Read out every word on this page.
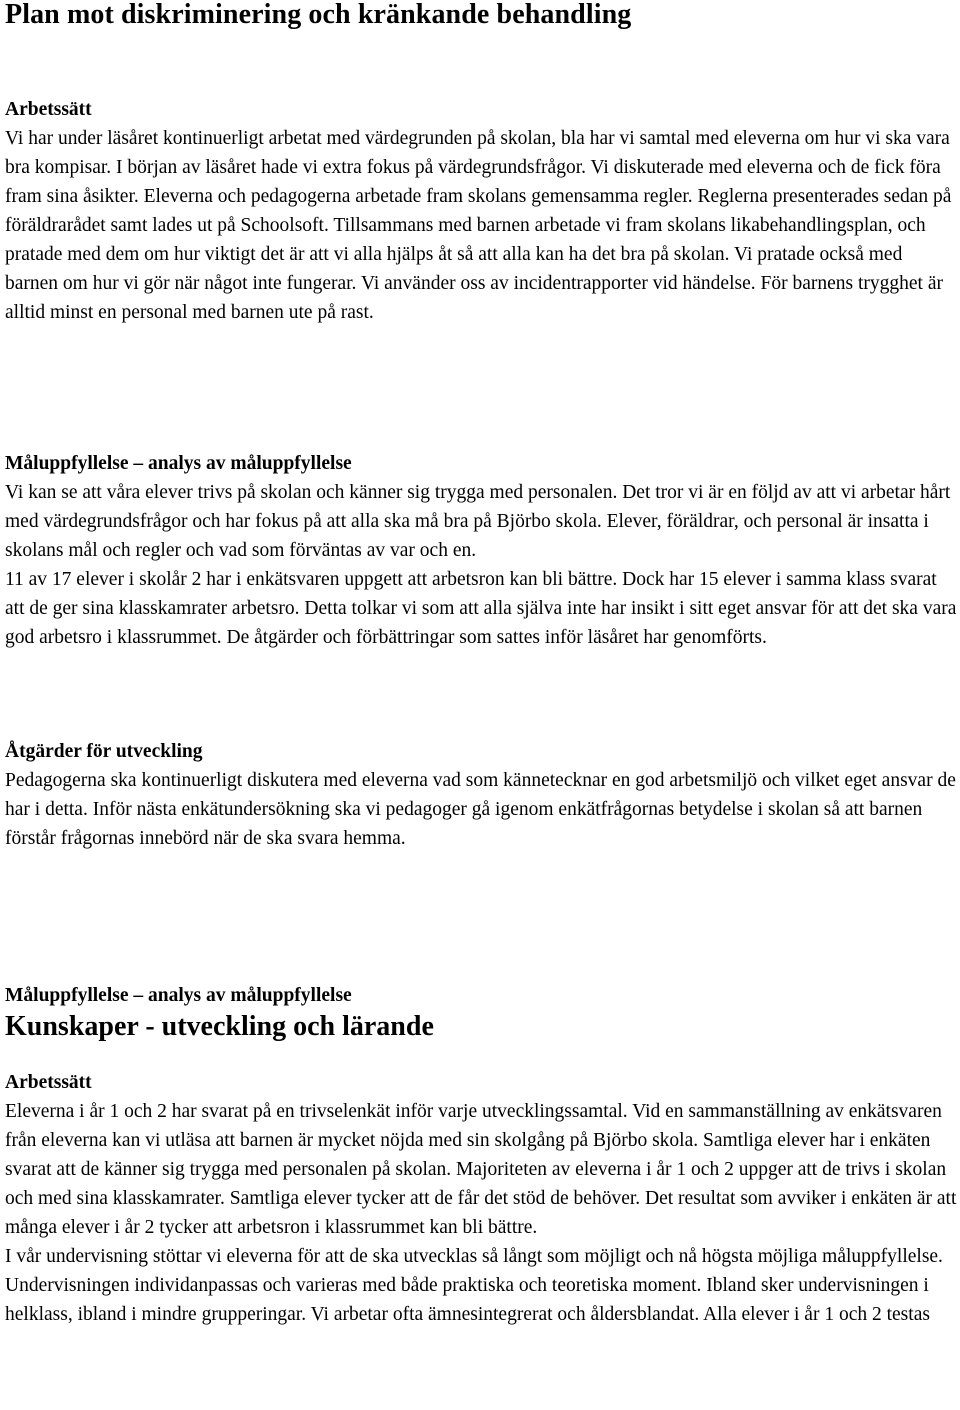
Plan mot diskriminering och kränkande behandling

Arbetssätt

Vi har under läsåret kontinuerligt arbetat med värdegrunden på skolan, bla har vi samtal med eleverna om hur vi ska vara bra kompisar. I början av läsåret hade vi extra fokus på värdegrundsfrågor. Vi diskuterade med eleverna och de fick föra fram sina åsikter. Eleverna och pedagogerna arbetade fram skolans gemensamma regler. Reglerna presenterades sedan på föräldrarådet samt lades ut på Schoolsoft. Tillsammans med barnen arbetade vi fram skolans likabehandlingsplan, och pratade med dem om hur viktigt det är att vi alla hjälps åt så att alla kan ha det bra på skolan. Vi pratade också med barnen om hur vi gör när något inte fungerar. Vi använder oss av incidentrapporter vid händelse. För barnens trygghet är alltid minst en personal med barnen ute på rast.

Måluppfyllelse – analys av måluppfyllelse

Vi kan se att våra elever trivs på skolan och känner sig trygga med personalen. Det tror vi är en följd av att vi arbetar hårt med värdegrundsfrågor och har fokus på att alla ska må bra på Björbo skola. Elever, föräldrar, och personal är insatta i skolans mål och regler och vad som förväntas av var och en.

11 av 17 elever i skolår 2 har i enkätsvaren uppgett att arbetsron kan bli bättre. Dock har 15 elever i samma klass svarat att de ger sina klasskamrater arbetsro. Detta tolkar vi som att alla själva inte har insikt i sitt eget ansvar för att det ska vara god arbetsro i klassrummet. De åtgärder och förbättringar som sattes inför läsåret har genomförts.

Åtgärder för utveckling

Pedagogerna ska kontinuerligt diskutera med eleverna vad som kännetecknar en god arbetsmiljö och vilket eget ansvar de har i detta. Inför nästa enkätundersökning ska vi pedagoger gå igenom enkätfrågornas betydelse i skolan så att barnen förstår frågornas innebörd när de ska svara hemma.

Måluppfyllelse – analys av måluppfyllelse

Kunskaper - utveckling och lärande

Arbetssätt

Eleverna i år 1 och 2 har svarat på en trivselenkät inför varje utvecklingssamtal. Vid en sammanställning av enkätsvaren från eleverna kan vi utläsa att barnen är mycket nöjda med sin skolgång på Björbo skola. Samtliga elever har i enkäten svarat att de känner sig trygga med personalen på skolan. Majoriteten av eleverna i år 1 och 2 uppger att de trivs i skolan och med sina klasskamrater. Samtliga elever tycker att de får det stöd de behöver. Det resultat som avviker i enkäten är att många elever i år 2 tycker att arbetsron i klassrummet kan bli bättre.

I vår undervisning stöttar vi eleverna för att de ska utvecklas så långt som möjligt och nå högsta möjliga måluppfyllelse. Undervisningen individanpassas och varieras med både praktiska och teoretiska moment. Ibland sker undervisningen i helklass, ibland i mindre grupperingar. Vi arbetar ofta ämnesintegrerat och åldersblandat. Alla elever i år 1 och 2 testas
